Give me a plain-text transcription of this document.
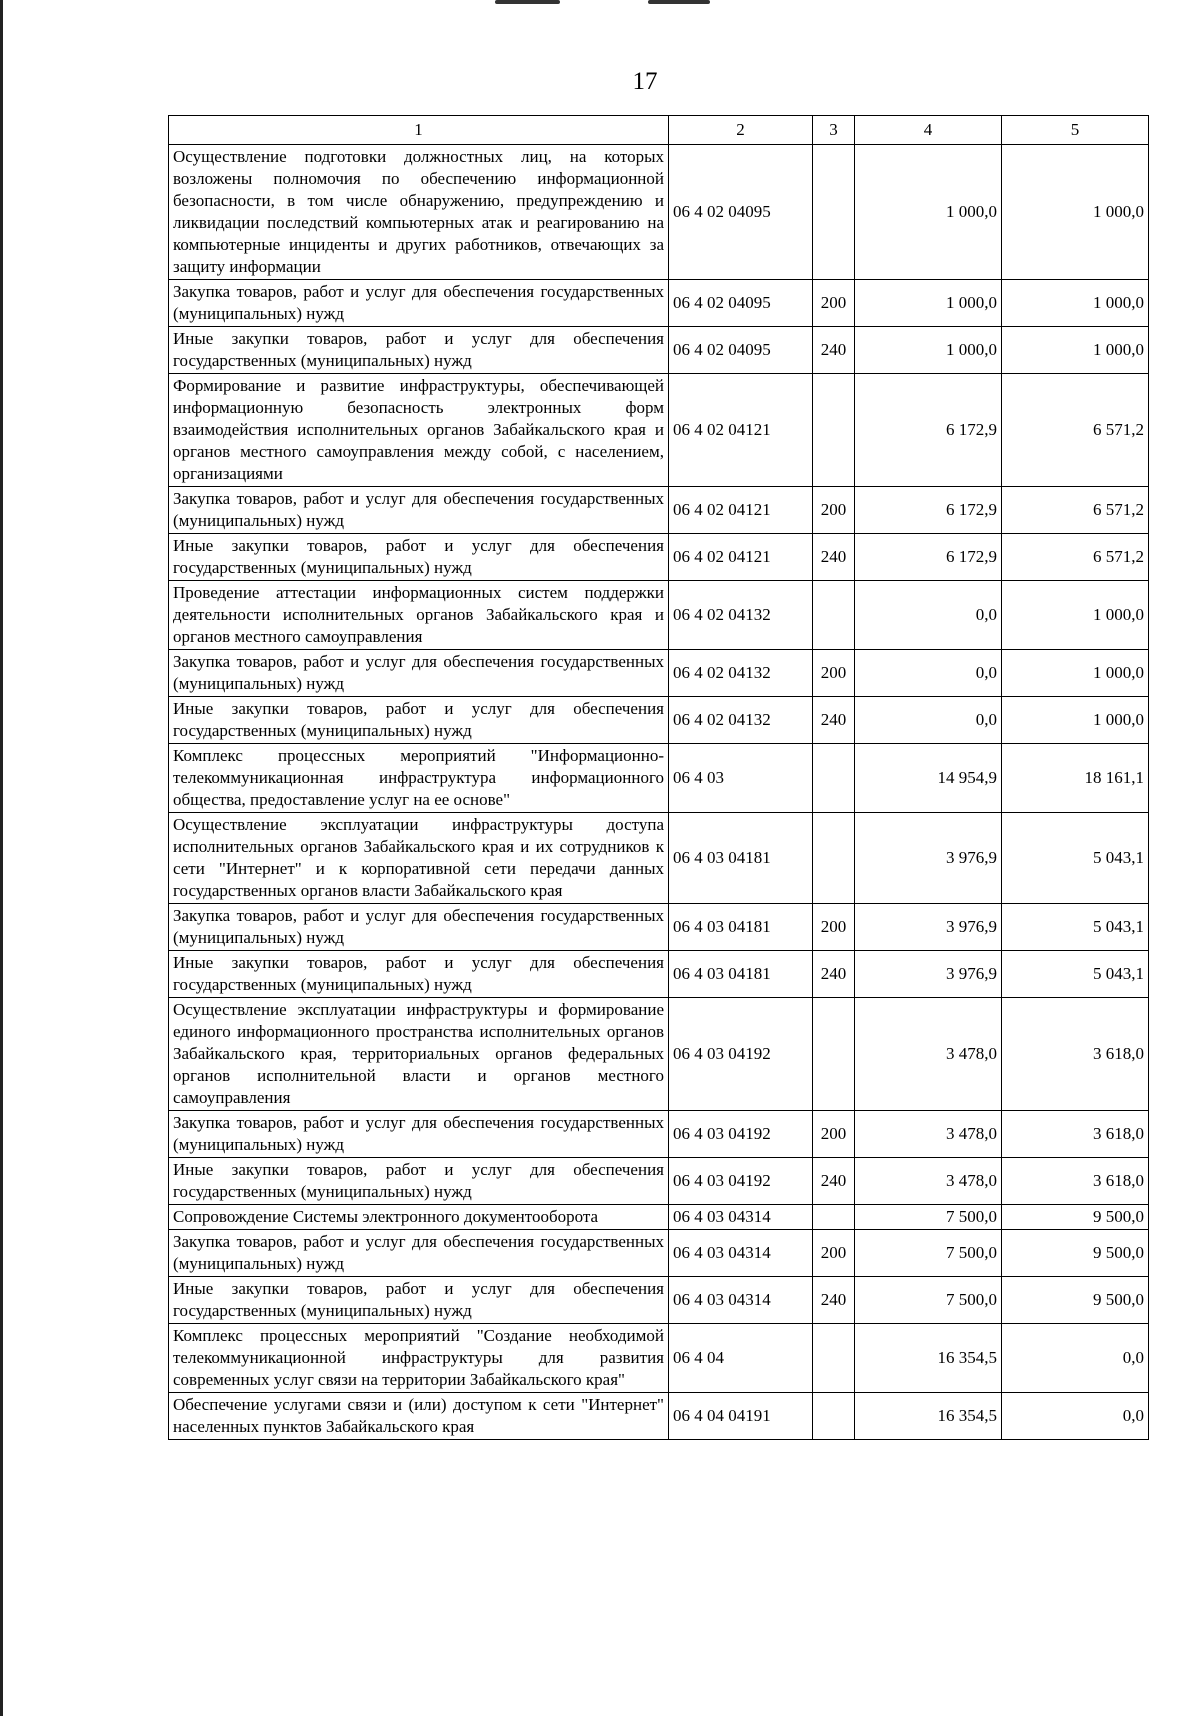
17
1	2	3	4	5
Осуществление подготовки должностных лиц, на которых возложены полномочия по обеспечению информационной безопасности, в том числе обнаружению, предупреждению и ликвидации последствий компьютерных атак и реагированию на компьютерные инциденты и других работников, отвечающих за защиту информации	06 4 02 04095		1 000,0	1 000,0
Закупка товаров, работ и услуг для обеспечения государственных (муниципальных) нужд	06 4 02 04095	200	1 000,0	1 000,0
Иные закупки товаров, работ и услуг для обеспечения государственных (муниципальных) нужд	06 4 02 04095	240	1 000,0	1 000,0
Формирование и развитие инфраструктуры, обеспечивающей информационную безопасность электронных форм взаимодействия исполнительных органов Забайкальского края и органов местного самоуправления между собой, с населением, организациями	06 4 02 04121		6 172,9	6 571,2
Закупка товаров, работ и услуг для обеспечения государственных (муниципальных) нужд	06 4 02 04121	200	6 172,9	6 571,2
Иные закупки товаров, работ и услуг для обеспечения государственных (муниципальных) нужд	06 4 02 04121	240	6 172,9	6 571,2
Проведение аттестации информационных систем поддержки деятельности исполнительных органов Забайкальского края и органов местного самоуправления	06 4 02 04132		0,0	1 000,0
Закупка товаров, работ и услуг для обеспечения государственных (муниципальных) нужд	06 4 02 04132	200	0,0	1 000,0
Иные закупки товаров, работ и услуг для обеспечения государственных (муниципальных) нужд	06 4 02 04132	240	0,0	1 000,0
Комплекс процессных мероприятий "Информационно-телекоммуникационная инфраструктура информационного общества, предоставление услуг на ее основе"	06 4 03		14 954,9	18 161,1
Осуществление эксплуатации инфраструктуры доступа исполнительных органов Забайкальского края и их сотрудников к сети "Интернет" и к корпоративной сети передачи данных государственных органов власти Забайкальского края	06 4 03 04181		3 976,9	5 043,1
Закупка товаров, работ и услуг для обеспечения государственных (муниципальных) нужд	06 4 03 04181	200	3 976,9	5 043,1
Иные закупки товаров, работ и услуг для обеспечения государственных (муниципальных) нужд	06 4 03 04181	240	3 976,9	5 043,1
Осуществление эксплуатации инфраструктуры и формирование единого информационного пространства исполнительных органов Забайкальского края, территориальных органов федеральных органов исполнительной власти и органов местного самоуправления	06 4 03 04192		3 478,0	3 618,0
Закупка товаров, работ и услуг для обеспечения государственных (муниципальных) нужд	06 4 03 04192	200	3 478,0	3 618,0
Иные закупки товаров, работ и услуг для обеспечения государственных (муниципальных) нужд	06 4 03 04192	240	3 478,0	3 618,0
Сопровождение Системы электронного документооборота	06 4 03 04314		7 500,0	9 500,0
Закупка товаров, работ и услуг для обеспечения государственных (муниципальных) нужд	06 4 03 04314	200	7 500,0	9 500,0
Иные закупки товаров, работ и услуг для обеспечения государственных (муниципальных) нужд	06 4 03 04314	240	7 500,0	9 500,0
Комплекс процессных мероприятий "Создание необходимой телекоммуникационной инфраструктуры для развития современных услуг связи на территории Забайкальского края"	06 4 04		16 354,5	0,0
Обеспечение услугами связи и (или) доступом к сети "Интернет" населенных пунктов Забайкальского края	06 4 04 04191		16 354,5	0,0
